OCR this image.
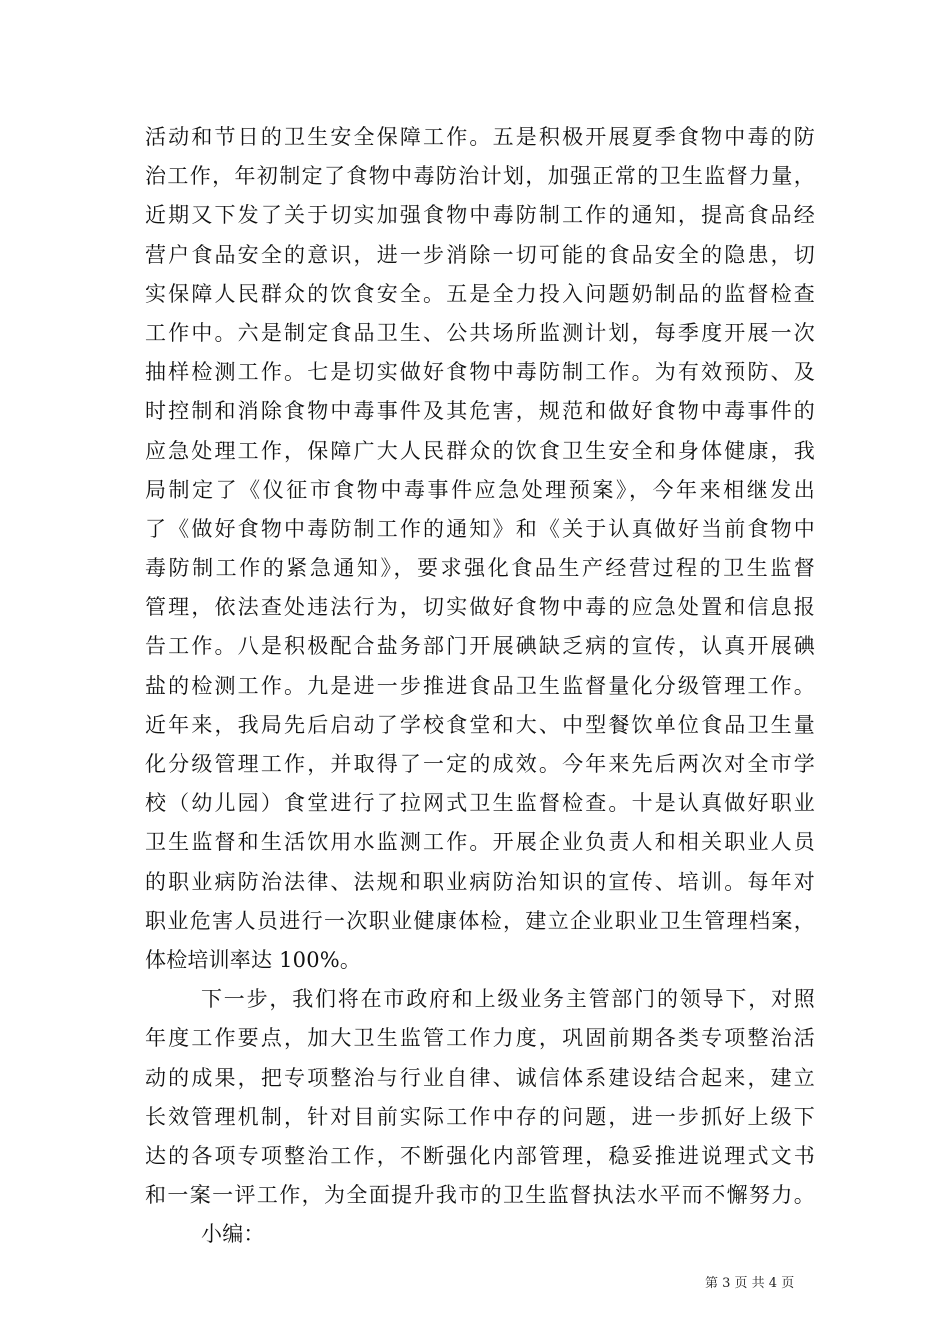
活动和节日的卫生安全保障工作。五是积极开展夏季食物中毒的防
治工作，年初制定了食物中毒防治计划，加强正常的卫生监督力量，
近期又下发了关于切实加强食物中毒防制工作的通知，提高食品经
营户食品安全的意识，进一步消除一切可能的食品安全的隐患，切
实保障人民群众的饮食安全。五是全力投入问题奶制品的监督检查
工作中。六是制定食品卫生、公共场所监测计划，每季度开展一次
抽样检测工作。七是切实做好食物中毒防制工作。为有效预防、及
时控制和消除食物中毒事件及其危害，规范和做好食物中毒事件的
应急处理工作，保障广大人民群众的饮食卫生安全和身体健康，我
局制定了《仪征市食物中毒事件应急处理预案》，今年来相继发出
了《做好食物中毒防制工作的通知》和《关于认真做好当前食物中
毒防制工作的紧急通知》，要求强化食品生产经营过程的卫生监督
管理，依法查处违法行为，切实做好食物中毒的应急处置和信息报
告工作。八是积极配合盐务部门开展碘缺乏病的宣传，认真开展碘
盐的检测工作。九是进一步推进食品卫生监督量化分级管理工作。
近年来，我局先后启动了学校食堂和大、中型餐饮单位食品卫生量
化分级管理工作，并取得了一定的成效。今年来先后两次对全市学
校（幼儿园）食堂进行了拉网式卫生监督检查。十是认真做好职业
卫生监督和生活饮用水监测工作。开展企业负责人和相关职业人员
的职业病防治法律、法规和职业病防治知识的宣传、培训。每年对
职业危害人员进行一次职业健康体检，建立企业职业卫生管理档案，
体检培训率达 100%。
下一步，我们将在市政府和上级业务主管部门的领导下，对照
年度工作要点，加大卫生监管工作力度，巩固前期各类专项整治活
动的成果，把专项整治与行业自律、诚信体系建设结合起来，建立
长效管理机制，针对目前实际工作中存的问题，进一步抓好上级下
达的各项专项整治工作，不断强化内部管理，稳妥推进说理式文书
和一案一评工作，为全面提升我市的卫生监督执法水平而不懈努力。
小编：
第 3 页 共 4 页
